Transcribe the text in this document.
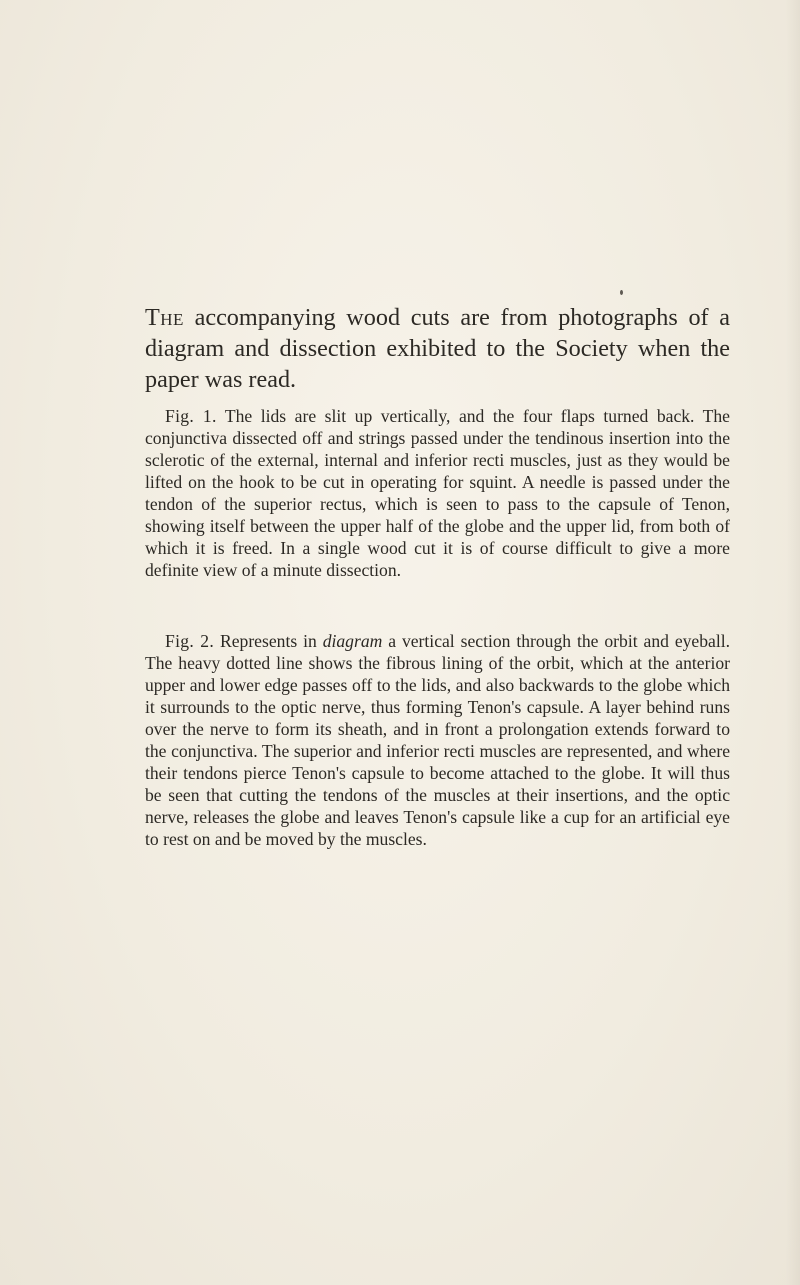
The accompanying wood cuts are from photographs of a diagram and dissection exhibited to the Society when the paper was read.

Fig. 1. The lids are slit up vertically, and the four flaps turned back. The conjunctiva dissected off and strings passed under the tendinous insertion into the sclerotic of the external, internal and inferior recti muscles, just as they would be lifted on the hook to be cut in operating for squint. A needle is passed under the tendon of the superior rectus, which is seen to pass to the capsule of Tenon, showing itself between the upper half of the globe and the upper lid, from both of which it is freed. In a single wood cut it is of course difficult to give a more definite view of a minute dissection.

Fig. 2. Represents in diagram a vertical section through the orbit and eyeball. The heavy dotted line shows the fibrous lining of the orbit, which at the anterior upper and lower edge passes off to the lids, and also backwards to the globe which it surrounds to the optic nerve, thus forming Tenon's capsule. A layer behind runs over the nerve to form its sheath, and in front a prolongation extends forward to the conjunctiva. The superior and inferior recti muscles are represented, and where their tendons pierce Tenon's capsule to become attached to the globe. It will thus be seen that cutting the tendons of the muscles at their insertions, and the optic nerve, releases the globe and leaves Tenon's capsule like a cup for an artificial eye to rest on and be moved by the muscles.
